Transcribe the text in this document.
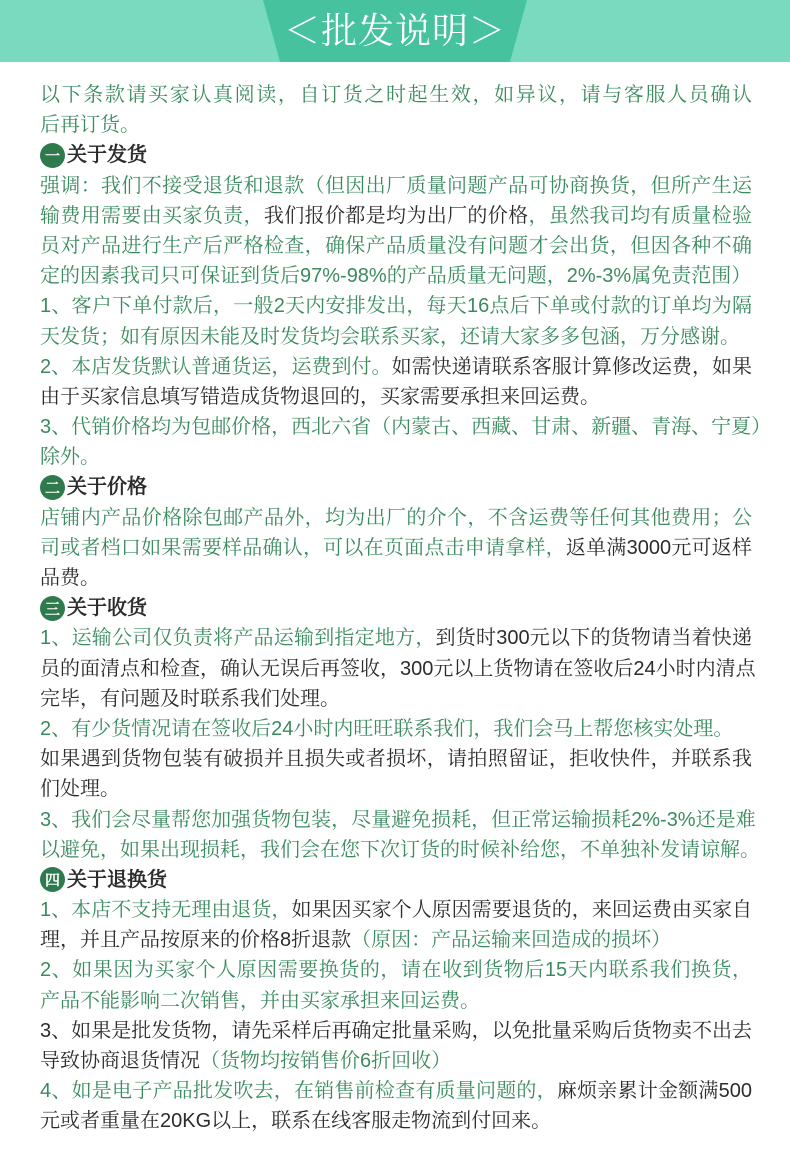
＜批发说明＞
以下条款请买家认真阅读，自订货之时起生效，如异议，请与客服人员确认
后再订货。
一 关于发货
强调：我们不接受退货和退款（但因出厂质量问题产品可协商换货，但所产生运
输费用需要由买家负责，我们报价都是均为出厂的价格，虽然我司均有质量检验
员对产品进行生产后严格检查，确保产品质量没有问题才会出货，但因各种不确
定的因素我司只可保证到货后97%-98%的产品质量无问题，2%-3%属免责范围）
1、客户下单付款后，一般2天内安排发出，每天16点后下单或付款的订单均为隔
天发货；如有原因未能及时发货均会联系买家，还请大家多多包涵，万分感谢。
2、本店发货默认普通货运，运费到付。如需快递请联系客服计算修改运费，如果
由于买家信息填写错造成货物退回的，买家需要承担来回运费。
3、代销价格均为包邮价格，西北六省（内蒙古、西藏、甘肃、新疆、青海、宁夏）
除外。
二 关于价格
店铺内产品价格除包邮产品外，均为出厂的介个，不含运费等任何其他费用；公
司或者档口如果需要样品确认，可以在页面点击申请拿样，返单满3000元可返样
品费。
三 关于收货
1、运输公司仅负责将产品运输到指定地方，到货时300元以下的货物请当着快递
员的面清点和检查，确认无误后再签收，300元以上货物请在签收后24小时内清点
完毕，有问题及时联系我们处理。
2、有少货情况请在签收后24小时内旺旺联系我们，我们会马上帮您核实处理。
如果遇到货物包装有破损并且损失或者损坏，请拍照留证，拒收快件，并联系我
们处理。
3、我们会尽量帮您加强货物包装，尽量避免损耗，但正常运输损耗2%-3%还是难
以避免，如果出现损耗，我们会在您下次订货的时候补给您，不单独补发请谅解。
四 关于退换货
1、本店不支持无理由退货，如果因买家个人原因需要退货的，来回运费由买家自
理，并且产品按原来的价格8折退款（原因：产品运输来回造成的损坏）
2、如果因为买家个人原因需要换货的，请在收到货物后15天内联系我们换货，
产品不能影响二次销售，并由买家承担来回运费。
3、如果是批发货物，请先采样后再确定批量采购，以免批量采购后货物卖不出去
导致协商退货情况（货物均按销售价6折回收）
4、如是电子产品批发吹去，在销售前检查有质量问题的，麻烦亲累计金额满500
元或者重量在20KG以上，联系在线客服走物流到付回来。
